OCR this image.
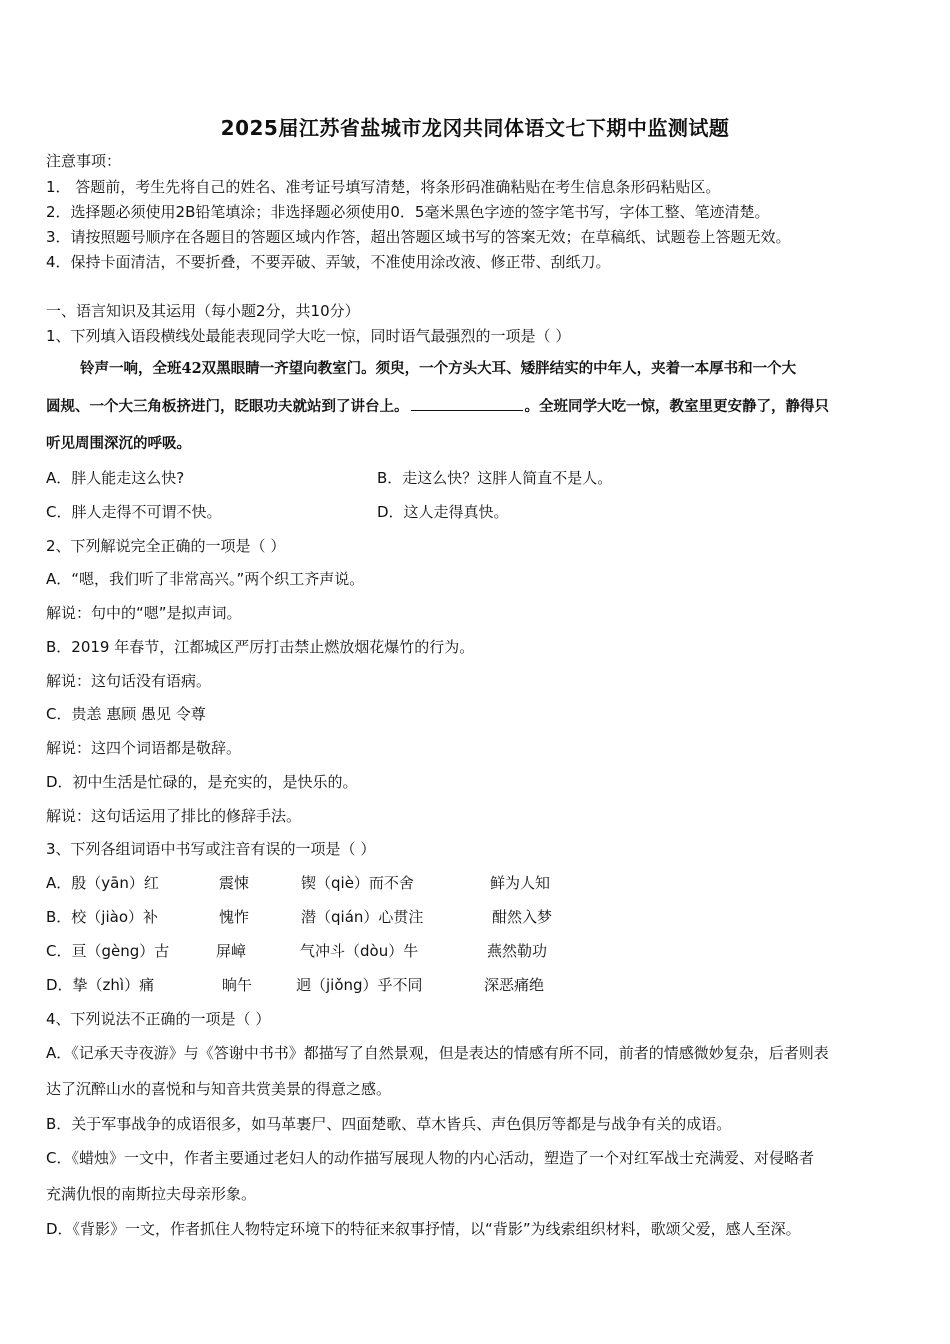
2025届江苏省盐城市龙冈共同体语文七下期中监测试题
注意事项：
1． 答题前，考生先将自己的姓名、准考证号填写清楚，将条形码准确粘贴在考生信息条形码粘贴区。
2．选择题必须使用2B铅笔填涂；非选择题必须使用0．5毫米黑色字迹的签字笔书写，字体工整、笔迹清楚。
3．请按照题号顺序在各题目的答题区域内作答，超出答题区域书写的答案无效；在草稿纸、试题卷上答题无效。
4．保持卡面清洁，不要折叠，不要弄破、弄皱，不准使用涂改液、修正带、刮纸刀。
一、语言知识及其运用（每小题2分，共10分）
1、下列填入语段横线处最能表现同学大吃一惊，同时语气最强烈的一项是（ ）
铃声一响，全班42双黑眼睛一齐望向教室门。须臾，一个方头大耳、矮胖结实的中年人，夹着一本厚书和一个大
圆规、一个大三角板挤进门，眨眼功夫就站到了讲台上。	。全班同学大吃一惊，教室里更安静了，静得只
听见周围深沉的呼吸。
A．胖人能走这么快?	B．走这么快？这胖人简直不是人。
C．胖人走得不可谓不快。	D．这人走得真快。
2、下列解说完全正确的一项是（ ）
A．“嗯，我们听了非常高兴。”两个织工齐声说。
解说：句中的“嗯”是拟声词。
B．2019 年春节，江都城区严厉打击禁止燃放烟花爆竹的行为。
解说：这句话没有语病。
C．贵恙 惠顾 愚见 令尊
解说：这四个词语都是敬辞。
D．初中生活是忙碌的，是充实的，是快乐的。
解说：这句话运用了排比的修辞手法。
3、下列各组词语中书写或注音有误的一项是（ ）
A．殷（yān）红	震悚	锲（qiè）而不舍	鲜为人知
B．校（jiào）补	愧怍	潜（qián）心贯注	酣然入梦
C．亘（gèng）古	屏嶂	气冲斗（dòu）牛	燕然勒功
D．挚（zhì）痛	晌午	迥（jiǒng）乎不同	深恶痛绝
4、下列说法不正确的一项是（ ）
A．《记承天寺夜游》与《答谢中书书》都描写了自然景观，但是表达的情感有所不同，前者的情感微妙复杂，后者则表
达了沉醉山水的喜悦和与知音共赏美景的得意之感。
B．关于军事战争的成语很多，如马革裹尸、四面楚歌、草木皆兵、声色俱厉等都是与战争有关的成语。
C．《蜡烛》一文中，作者主要通过老妇人的动作描写展现人物的内心活动，塑造了一个对红军战士充满爱、对侵略者
充满仇恨的南斯拉夫母亲形象。
D．《背影》一文，作者抓住人物特定环境下的特征来叙事抒情，以“背影”为线索组织材料，歌颂父爱，感人至深。
